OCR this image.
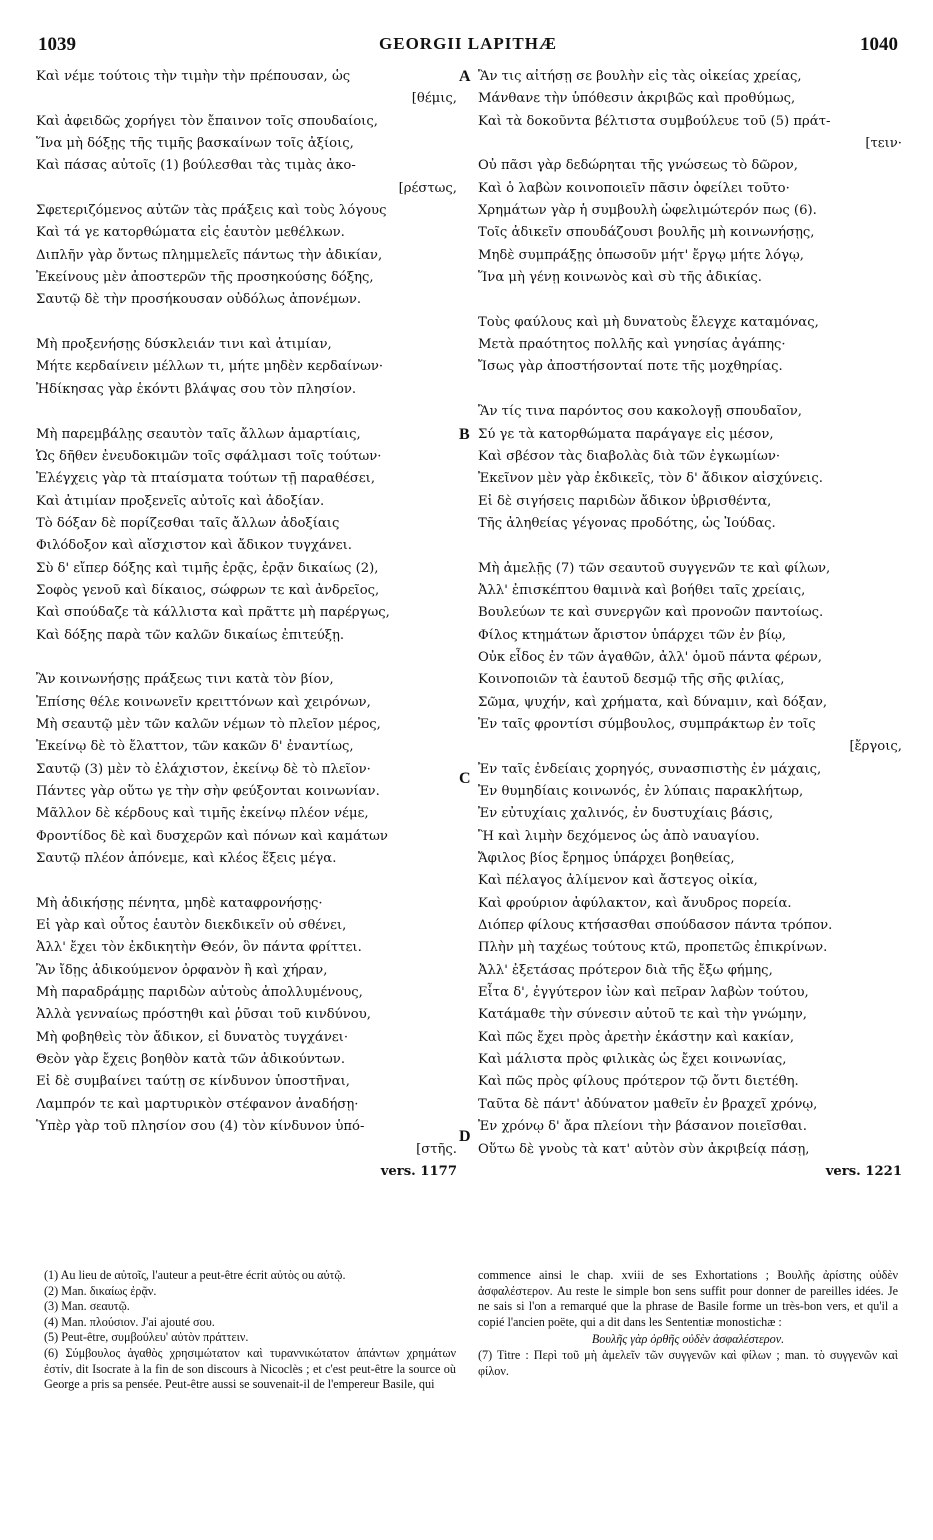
1039	GEORGII LAPITHÆ	1040
Καὶ νέμε τούτοις τὴν τιμὴν τὴν πρέπουσαν, ὡς
[θέμις,
Καὶ ἀφειδῶς χορήγει τὸν ἔπαινον τοῖς σπουδαίοις,
Ἵνα μὴ δόξῃς τῆς τιμῆς βασκαίνων τοῖς ἀξίοις,
Καὶ πάσας αὐτοῖς (1) βούλεσθαι τὰς τιμὰς ἀκο-
[ρέστως,
Σφετεριζόμενος αὐτῶν τὰς πράξεις καὶ τοὺς λόγους
Καὶ τά γε κατορθώματα εἰς ἑαυτὸν μεθέλκων.
Διπλῆν γὰρ ὄντως πλημμελεῖς πάντως τὴν ἀδικίαν,
Ἐκείνους μὲν ἀποστερῶν τῆς προσηκούσης δόξης,
Σαυτῷ δὲ τὴν προσήκουσαν οὐδόλως ἀπονέμων.
Μὴ προξενήσῃς δύσκλειάν τινι καὶ ἀτιμίαν,
Μήτε κερδαίνειν μέλλων τι, μήτε μηδὲν κερδαίνων·
Ἠδίκησας γὰρ ἑκόντι βλάψας σου τὸν πλησίον.
Μὴ παρεμβάλῃς σεαυτὸν ταῖς ἄλλων ἁμαρτίαις,
Ὡς δῆθεν ἐνευδοκιμῶν τοῖς σφάλμασι τοῖς τούτων·
Ἐλέγχεις γὰρ τὰ πταίσματα τούτων τῇ παραθέσει,
Καὶ ἀτιμίαν προξενεῖς αὐτοῖς καὶ ἀδοξίαν.
Τὸ δόξαν δὲ πορίζεσθαι ταῖς ἄλλων ἀδοξίαις
Φιλόδοξον καὶ αἴσχιστον καὶ ἄδικον τυγχάνει.
Σὺ δ' εἴπερ δόξης καὶ τιμῆς ἐρᾷς, ἐρᾷν δικαίως (2),
Σοφὸς γενοῦ καὶ δίκαιος, σώφρων τε καὶ ἀνδρεῖος,
Καὶ σπούδαζε τὰ κάλλιστα καὶ πρᾶττε μὴ παρέργως,
Καὶ δόξης παρὰ τῶν καλῶν δικαίως ἐπιτεύξῃ.
Ἂν κοινωνήσῃς πράξεως τινι κατὰ τὸν βίον,
Ἐπίσης θέλε κοινωνεῖν κρειττόνων καὶ χειρόνων,
Μὴ σεαυτῷ μὲν τῶν καλῶν νέμων τὸ πλεῖον μέρος,
Ἐκείνῳ δὲ τὸ ἔλαττον, τῶν κακῶν δ' ἐναντίως,
Σαυτῷ (3) μὲν τὸ ἐλάχιστον, ἐκείνῳ δὲ τὸ πλεῖον·
Πάντες γὰρ οὕτω γε τὴν σὴν φεύξονται κοινωνίαν.
Μᾶλλον δὲ κέρδους καὶ τιμῆς ἐκείνῳ πλέον νέμε,
Φροντίδος δὲ καὶ δυσχερῶν καὶ πόνων καὶ καμάτων
Σαυτῷ πλέον ἀπόνεμε, καὶ κλέος ἕξεις μέγα.
Μὴ ἀδικήσῃς πένητα, μηδὲ καταφρονήσῃς·
Εἰ γὰρ καὶ οὗτος ἑαυτὸν διεκδικεῖν οὐ σθένει,
Ἀλλ' ἔχει τὸν ἐκδικητὴν Θεόν, ὃν πάντα φρίττει.
Ἂν ἴδῃς ἀδικούμενον ὀρφανὸν ἢ καὶ χήραν,
Μὴ παραδράμῃς παριδὼν αὐτοὺς ἀπολλυμένους,
Ἀλλὰ γενναίως πρόστηθι καὶ ῥῦσαι τοῦ κινδύνου,
Μὴ φοβηθεὶς τὸν ἄδικον, εἰ δυνατὸς τυγχάνει·
Θεὸν γὰρ ἔχεις βοηθὸν κατὰ τῶν ἀδικούντων.
Εἰ δὲ συμβαίνει ταύτῃ σε κίνδυνον ὑποστῆναι,
Λαμπρόν τε καὶ μαρτυρικὸν στέφανον ἀναδήσῃ·
Ὑπὲρ γὰρ τοῦ πλησίον σου (4) τὸν κίνδυνον ὑπό-
[στῆς.
vers. 1177
Ἂν τις αἰτήσῃ σε βουλὴν εἰς τὰς οἰκείας χρείας,
Μάνθανε τὴν ὑπόθεσιν ἀκριβῶς καὶ προθύμως,
Καὶ τὰ δοκοῦντα βέλτιστα συμβούλευε τοῦ (5) πράτ-
[τειν·
Οὐ πᾶσι γὰρ δεδώρηται τῆς γνώσεως τὸ δῶρον,
Καὶ ὁ λαβὼν κοινοποιεῖν πᾶσιν ὀφείλει τοῦτο·
Χρημάτων γὰρ ἡ συμβουλὴ ὠφελιμώτερόν πως (6).
Τοῖς ἀδικεῖν σπουδάζουσι βουλῆς μὴ κοινωνήσῃς,
Μηδὲ συμπράξῃς ὁπωσοῦν μήτ' ἔργῳ μήτε λόγῳ,
Ἵνα μὴ γένῃ κοινωνὸς καὶ σὺ τῆς ἀδικίας.
Τοὺς φαύλους καὶ μὴ δυνατοὺς ἔλεγχε καταμόνας,
Μετὰ πραότητος πολλῆς καὶ γνησίας ἀγάπης·
Ἴσως γὰρ ἀποστήσονταί ποτε τῆς μοχθηρίας.
Ἂν τίς τινα παρόντος σου κακολογῇ σπουδαῖον,
Σύ γε τὰ κατορθώματα παράγαγε εἰς μέσον,
Καὶ σβέσον τὰς διαβολὰς διὰ τῶν ἐγκωμίων·
Ἐκεῖνον μὲν γὰρ ἐκδικεῖς, τὸν δ' ἄδικον αἰσχύνεις.
Εἰ δὲ σιγήσεις παριδὼν ἄδικον ὑβρισθέντα,
Τῆς ἀληθείας γέγονας προδότης, ὡς Ἰούδας.
Μὴ ἀμελῇς (7) τῶν σεαυτοῦ συγγενῶν τε καὶ φίλων,
Ἀλλ' ἐπισκέπτου θαμινὰ καὶ βοήθει ταῖς χρείαις,
Βουλεύων τε καὶ συνεργῶν καὶ προνοῶν παντοίως.
Φίλος κτημάτων ἄριστον ὑπάρχει τῶν ἐν βίῳ,
Οὐκ εἶδος ἐν τῶν ἀγαθῶν, ἀλλ' ὁμοῦ πάντα φέρων,
Κοινοποιῶν τὰ ἑαυτοῦ δεσμῷ τῆς σῆς φιλίας,
Σῶμα, ψυχήν, καὶ χρήματα, καὶ δύναμιν, καὶ δόξαν,
Ἐν ταῖς φροντίσι σύμβουλος, συμπράκτωρ ἐν τοῖς
[ἔργοις,
Ἐν ταῖς ἐνδείαις χορηγός, συνασπιστὴς ἐν μάχαις,
Ἐν θυμηδίαις κοινωνός, ἐν λύπαις παρακλήτωρ,
Ἐν εὐτυχίαις χαλινός, ἐν δυστυχίαις βάσις,
Ἢ καὶ λιμὴν δεχόμενος ὡς ἀπὸ ναυαγίου.
Ἄφιλος βίος ἔρημος ὑπάρχει βοηθείας,
Καὶ πέλαγος ἀλίμενον καὶ ἄστεγος οἰκία,
Καὶ φρούριον ἀφύλακτον, καὶ ἄνυδρος πορεία.
Διόπερ φίλους κτήσασθαι σπούδασον πάντα τρόπον.
Πλὴν μὴ ταχέως τούτους κτῶ, προπετῶς ἐπικρίνων.
Ἀλλ' ἐξετάσας πρότερον διὰ τῆς ἔξω φήμης,
Εἶτα δ', ἐγγύτερον ἰὼν καὶ πεῖραν λαβὼν τούτου,
Κατάμαθε τὴν σύνεσιν αὐτοῦ τε καὶ τὴν γνώμην,
Καὶ πῶς ἔχει πρὸς ἀρετὴν ἑκάστην καὶ κακίαν,
Καὶ μάλιστα πρὸς φιλικὰς ὡς ἔχει κοινωνίας,
Καὶ πῶς πρὸς φίλους πρότερον τῷ ὄντι διετέθη.
Ταῦτα δὲ πάντ' ἀδύνατον μαθεῖν ἐν βραχεῖ χρόνῳ,
Ἐν χρόνῳ δ' ἄρα πλείονι τὴν βάσανον ποιεῖσθαι.
Οὕτω δὲ γνοὺς τὰ κατ' αὐτὸν σὺν ἀκριβείᾳ πάσῃ,
vers. 1221
A
B
C
D
(1) Au lieu de αὐτοῖς, l'auteur a peut-être écrit αὐτὸς ou αὐτῷ.
(2) Man. δικαίως ἐρᾷν.
(3) Man. σεαυτῷ.
(4) Man. πλούσιον. J'ai ajouté σου.
(5) Peut-être, συμβούλευ' αὐτὸν πράττειν.
(6) Σύμβουλος ἀγαθὸς χρησιμώτατον καὶ τυραννικώτατον ἁπάντων χρημάτων ἐστίν, dit Isocrate à la fin de son discours à Nicoclès ; et c'est peut-être la source où George a pris sa pensée. Peut-être aussi se souvenait-il de l'empereur Basile, qui
commence ainsi le chap. xviii de ses Exhortations ; Βουλῆς ἀρίστης οὐδὲν ἀσφαλέστερον. Au reste le simple bon sens suffit pour donner de pareilles idées. Je ne sais si l'on a remarqué que la phrase de Basile forme un très-bon vers, et qu'il a copié l'ancien poëte, qui a dit dans les Sententiæ monostichæ :
Βουλῆς γὰρ ὀρθῆς οὐδὲν ἀσφαλέστερον.
(7) Titre : Περὶ τοῦ μὴ ἀμελεῖν τῶν συγγενῶν καὶ φίλων ; man. τὸ συγγενῶν καὶ φίλον.
